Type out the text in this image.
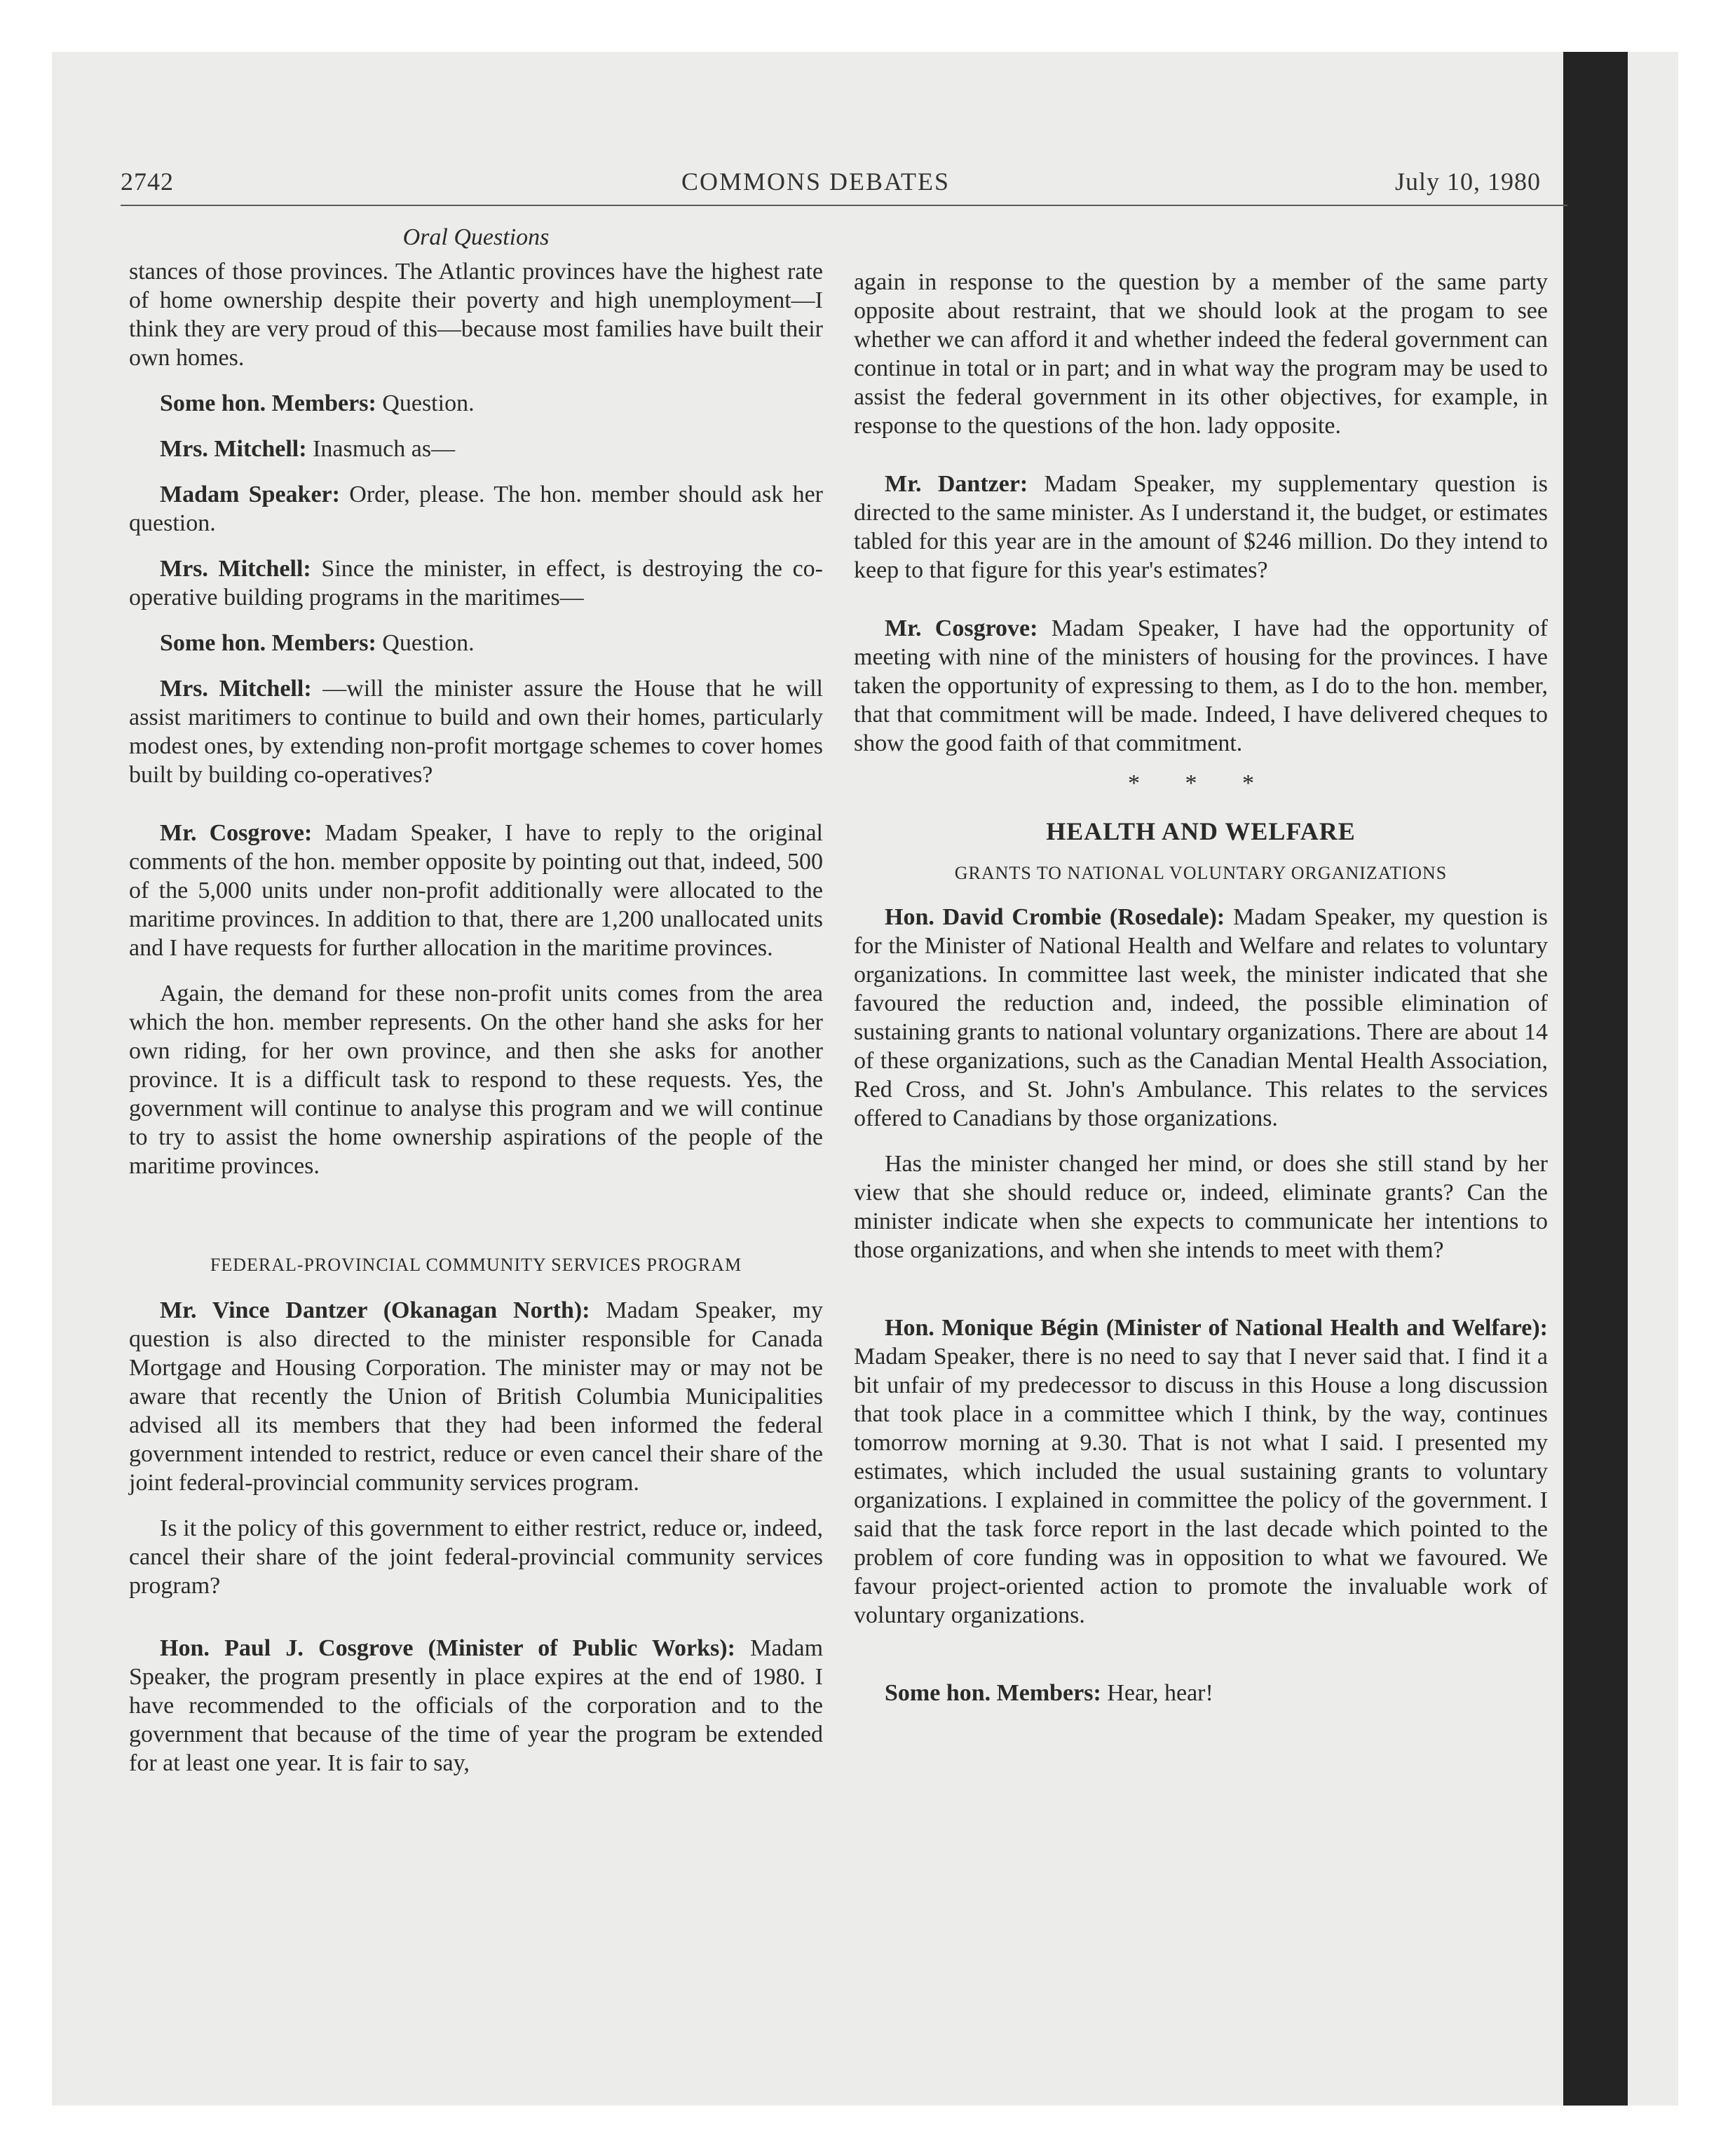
2742	COMMONS DEBATES	July 10, 1980

Oral Questions

stances of those provinces. The Atlantic provinces have the highest rate of home ownership despite their poverty and high unemployment—I think they are very proud of this—because most families have built their own homes.

Some hon. Members: Question.

Mrs. Mitchell: Inasmuch as—

Madam Speaker: Order, please. The hon. member should ask her question.

Mrs. Mitchell: Since the minister, in effect, is destroying the co-operative building programs in the maritimes—

Some hon. Members: Question.

Mrs. Mitchell: —will the minister assure the House that he will assist maritimers to continue to build and own their homes, particularly modest ones, by extending non-profit mortgage schemes to cover homes built by building co-operatives?

Mr. Cosgrove: Madam Speaker, I have to reply to the original comments of the hon. member opposite by pointing out that, indeed, 500 of the 5,000 units under non-profit additionally were allocated to the maritime provinces. In addition to that, there are 1,200 unallocated units and I have requests for further allocation in the maritime provinces.

Again, the demand for these non-profit units comes from the area which the hon. member represents. On the other hand she asks for her own riding, for her own province, and then she asks for another province. It is a difficult task to respond to these requests. Yes, the government will continue to analyse this program and we will continue to try to assist the home ownership aspirations of the people of the maritime provinces.

FEDERAL-PROVINCIAL COMMUNITY SERVICES PROGRAM

Mr. Vince Dantzer (Okanagan North): Madam Speaker, my question is also directed to the minister responsible for Canada Mortgage and Housing Corporation. The minister may or may not be aware that recently the Union of British Columbia Municipalities advised all its members that they had been informed the federal government intended to restrict, reduce or even cancel their share of the joint federal-provincial community services program.

Is it the policy of this government to either restrict, reduce or, indeed, cancel their share of the joint federal-provincial community services program?

Hon. Paul J. Cosgrove (Minister of Public Works): Madam Speaker, the program presently in place expires at the end of 1980. I have recommended to the officials of the corporation and to the government that because of the time of year the program be extended for at least one year. It is fair to say,

again in response to the question by a member of the same party opposite about restraint, that we should look at the progam to see whether we can afford it and whether indeed the federal government can continue in total or in part; and in what way the program may be used to assist the federal government in its other objectives, for example, in response to the questions of the hon. lady opposite.

Mr. Dantzer: Madam Speaker, my supplementary question is directed to the same minister. As I understand it, the budget, or estimates tabled for this year are in the amount of $246 million. Do they intend to keep to that figure for this year's estimates?

Mr. Cosgrove: Madam Speaker, I have had the opportunity of meeting with nine of the ministers of housing for the provinces. I have taken the opportunity of expressing to them, as I do to the hon. member, that that commitment will be made. Indeed, I have delivered cheques to show the good faith of that commitment.

* * *

HEALTH AND WELFARE

GRANTS TO NATIONAL VOLUNTARY ORGANIZATIONS

Hon. David Crombie (Rosedale): Madam Speaker, my question is for the Minister of National Health and Welfare and relates to voluntary organizations. In committee last week, the minister indicated that she favoured the reduction and, indeed, the possible elimination of sustaining grants to national voluntary organizations. There are about 14 of these organizations, such as the Canadian Mental Health Association, Red Cross, and St. John's Ambulance. This relates to the services offered to Canadians by those organizations.

Has the minister changed her mind, or does she still stand by her view that she should reduce or, indeed, eliminate grants? Can the minister indicate when she expects to communicate her intentions to those organizations, and when she intends to meet with them?

Hon. Monique Bégin (Minister of National Health and Welfare): Madam Speaker, there is no need to say that I never said that. I find it a bit unfair of my predecessor to discuss in this House a long discussion that took place in a committee which I think, by the way, continues tomorrow morning at 9.30. That is not what I said. I presented my estimates, which included the usual sustaining grants to voluntary organizations. I explained in committee the policy of the government. I said that the task force report in the last decade which pointed to the problem of core funding was in opposition to what we favoured. We favour project-oriented action to promote the invaluable work of voluntary organizations.

Some hon. Members: Hear, hear!
